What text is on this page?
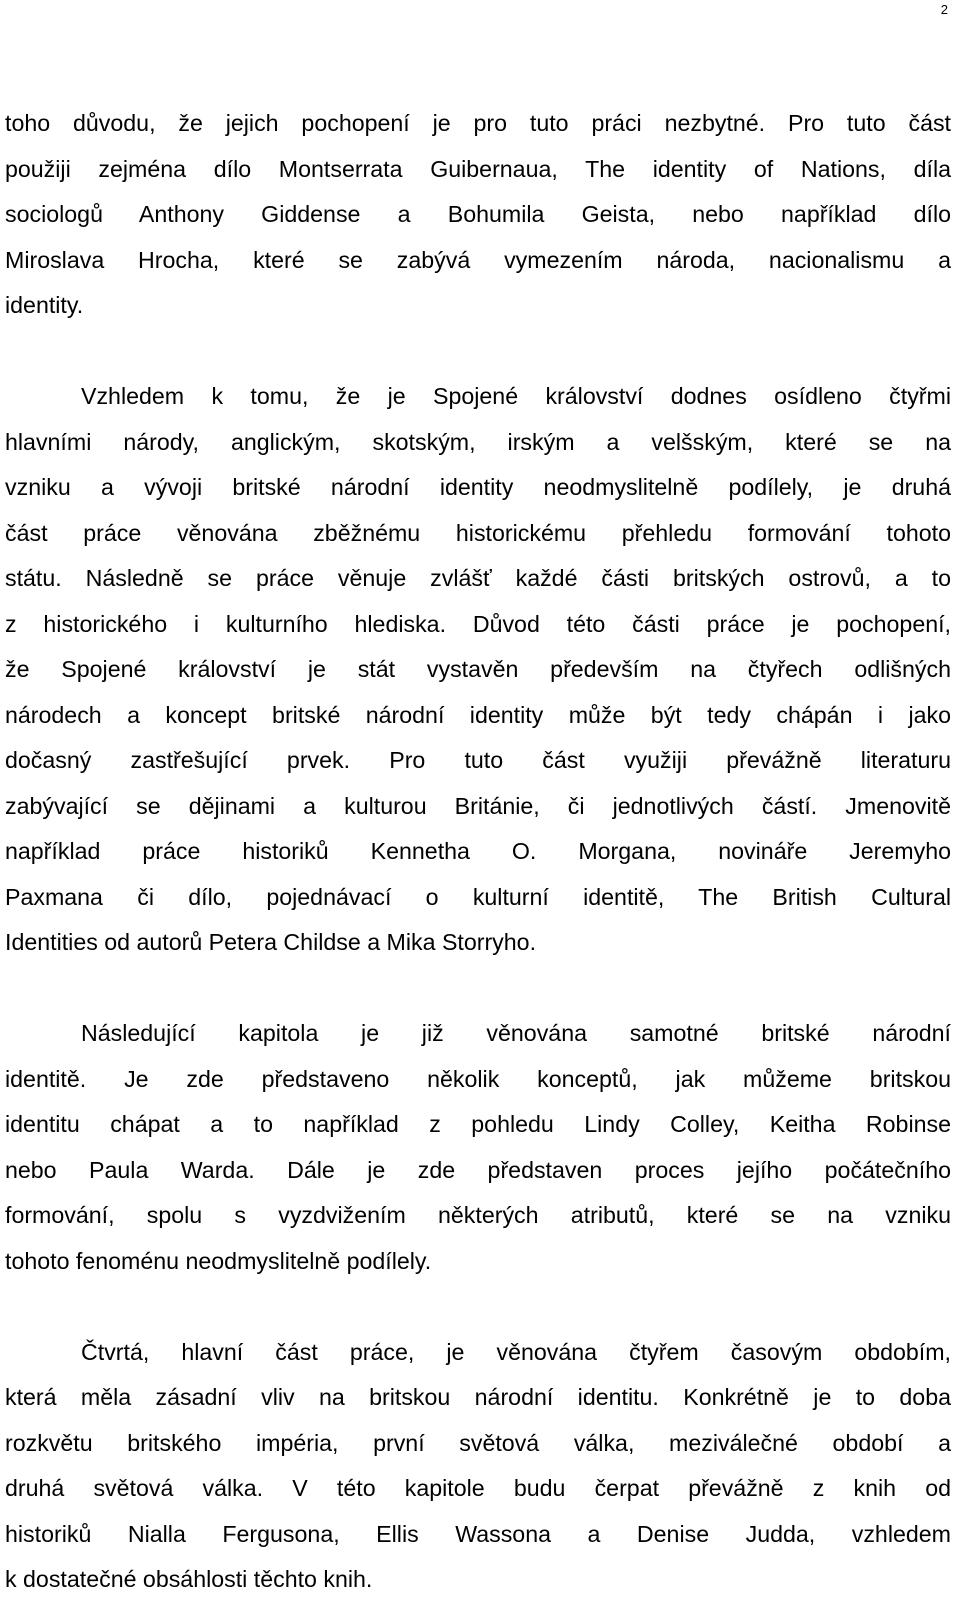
2
toho důvodu, že jejich pochopení je pro tuto práci nezbytné. Pro tuto část
použiji zejména dílo Montserrata Guibernaua, The identity of Nations, díla
sociologů Anthony Giddense a Bohumila Geista, nebo například dílo
Miroslava Hrocha, které se zabývá vymezením národa, nacionalismu a
identity.
Vzhledem k tomu, že je Spojené království dodnes osídleno čtyřmi
hlavními národy, anglickým, skotským, irským a velšským, které se na
vzniku a vývoji britské národní identity neodmyslitelně podílely, je druhá
část práce věnována zběžnému historickému přehledu formování tohoto
státu. Následně se práce věnuje zvlášť každé části britských ostrovů, a to
z historického i kulturního hlediska. Důvod této části práce je pochopení,
že Spojené království je stát vystavěn především na čtyřech odlišných
národech a koncept britské národní identity může být tedy chápán i jako
dočasný zastřešující prvek. Pro tuto část využiji převážně literaturu
zabývající se dějinami a kulturou Británie, či jednotlivých částí. Jmenovitě
například práce historiků Kennetha O. Morgana, novináře Jeremyho
Paxmana či dílo, pojednávací o kulturní identitě, The British Cultural
Identities od autorů Petera Childse a Mika Storryho.
Následující kapitola je již věnována samotné britské národní
identitě. Je zde představeno několik konceptů, jak můžeme britskou
identitu chápat a to například z pohledu Lindy Colley, Keitha Robinse
nebo Paula Warda. Dále je zde představen proces jejího počátečního
formování, spolu s vyzdvižením některých atributů, které se na vzniku
tohoto fenoménu neodmyslitelně podílely.
Čtvrtá, hlavní část práce, je věnována čtyřem časovým obdobím,
která měla zásadní vliv na britskou národní identitu. Konkrétně je to doba
rozkvětu britského impéria, první světová válka, meziválečné období a
druhá světová válka. V této kapitole budu čerpat převážně z knih od
historiků Nialla Fergusona, Ellis Wassona a Denise Judda, vzhledem
k dostatečné obsáhlosti těchto knih.
